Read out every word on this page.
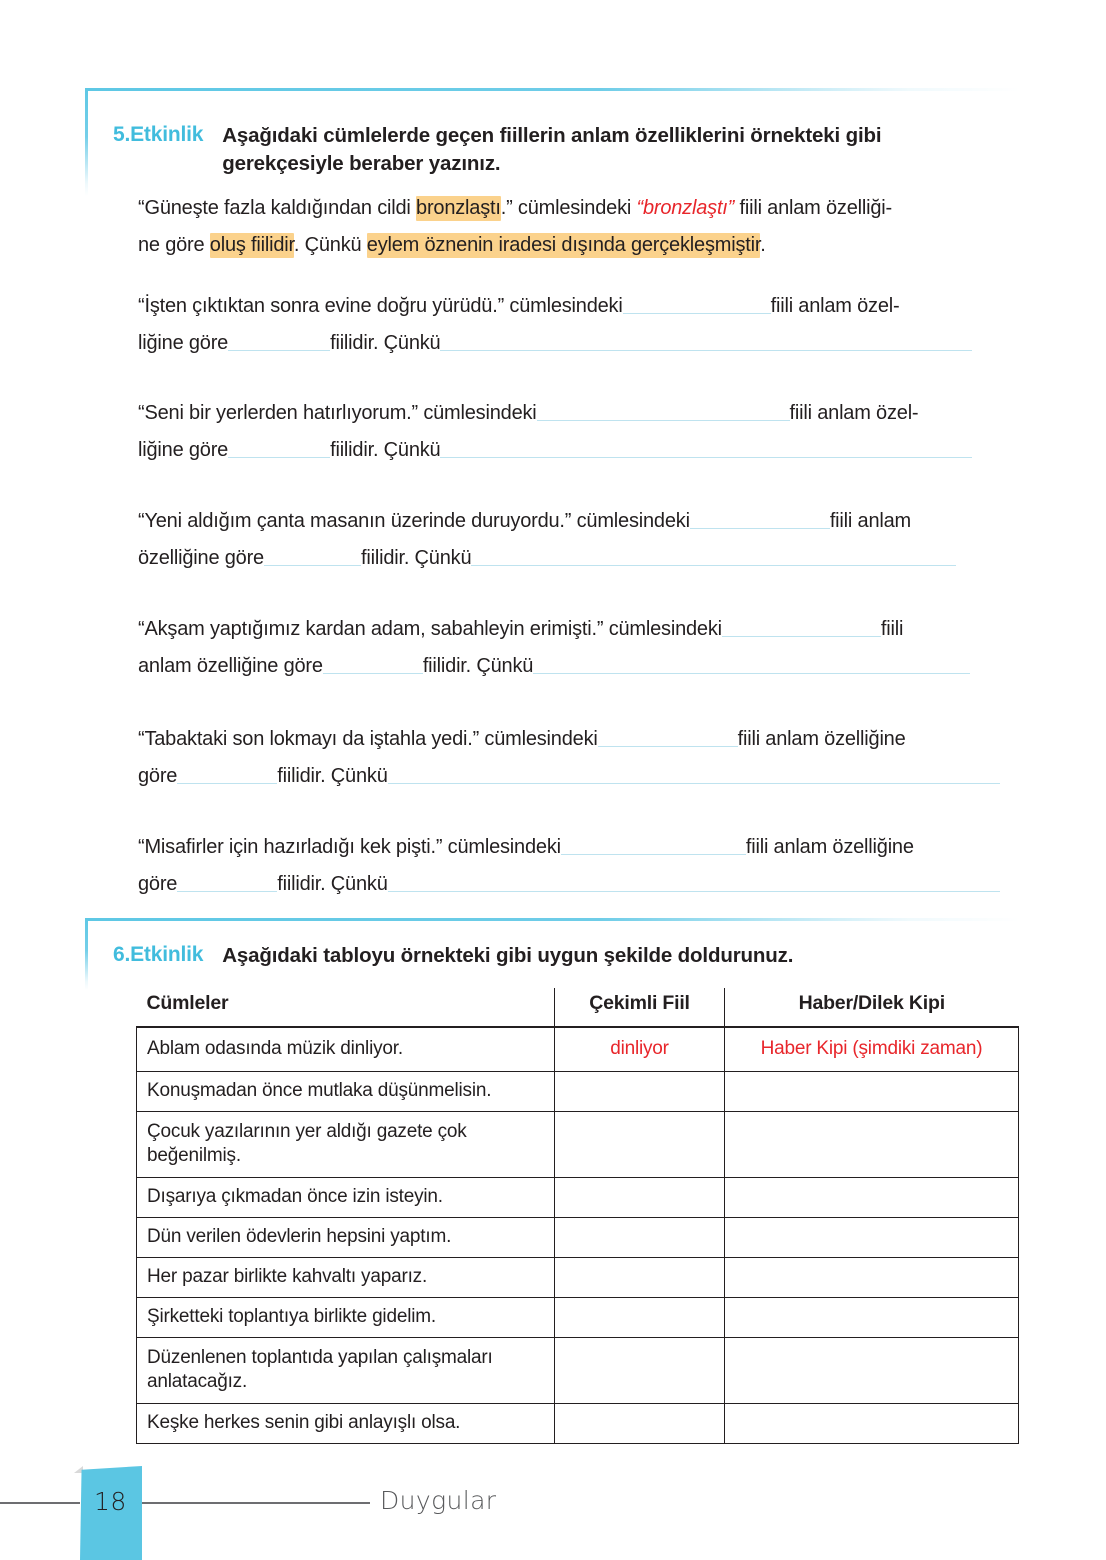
5.Etkinlik Aşağıdaki cümlelerde geçen fiillerin anlam özelliklerini örnekteki gibi gerekçesiyle beraber yazınız.
“Güneşte fazla kaldığından cildi bronzlaştı.” cümlesindeki “bronzlaştı” fiili anlam özelliği-
ne göre oluş fiilidir. Çünkü eylem öznenin iradesi dışında gerçekleşmiştir.
“İşten çıktıktan sonra evine doğru yürüdü.” cümlesindeki	fiili anlam özel-
liğine göre	fiilidir. Çünkü
“Seni bir yerlerden hatırlıyorum.” cümlesindeki	fiili anlam özel-
liğine göre	fiilidir. Çünkü
“Yeni aldığım çanta masanın üzerinde duruyordu.” cümlesindeki	fiili anlam
özelliğine göre	fiilidir. Çünkü
“Akşam yaptığımız kardan adam, sabahleyin erimişti.” cümlesindeki	fiili
anlam özelliğine göre	fiilidir. Çünkü
“Tabaktaki son lokmayı da iştahla yedi.” cümlesindeki	fiili anlam özelliğine
göre	fiilidir. Çünkü
“Misafirler için hazırladığı kek pişti.” cümlesindeki	fiili anlam özelliğine
göre	fiilidir. Çünkü
6.Etkinlik Aşağıdaki tabloyu örnekteki gibi uygun şekilde doldurunuz.
Cümleler	Çekimli Fiil	Haber/Dilek Kipi
Ablam odasında müzik dinliyor.	dinliyor	Haber Kipi (şimdiki zaman)
Konuşmadan önce mutlaka düşünmelisin.		
Çocuk yazılarının yer aldığı gazete çok beğenilmiş.		
Dışarıya çıkmadan önce izin isteyin.		
Dün verilen ödevlerin hepsini yaptım.		
Her pazar birlikte kahvaltı yaparız.		
Şirketteki toplantıya birlikte gidelim.		
Düzenlenen toplantıda yapılan çalışmaları anlatacağız.		
Keşke herkes senin gibi anlayışlı olsa.		
18	Duygular
